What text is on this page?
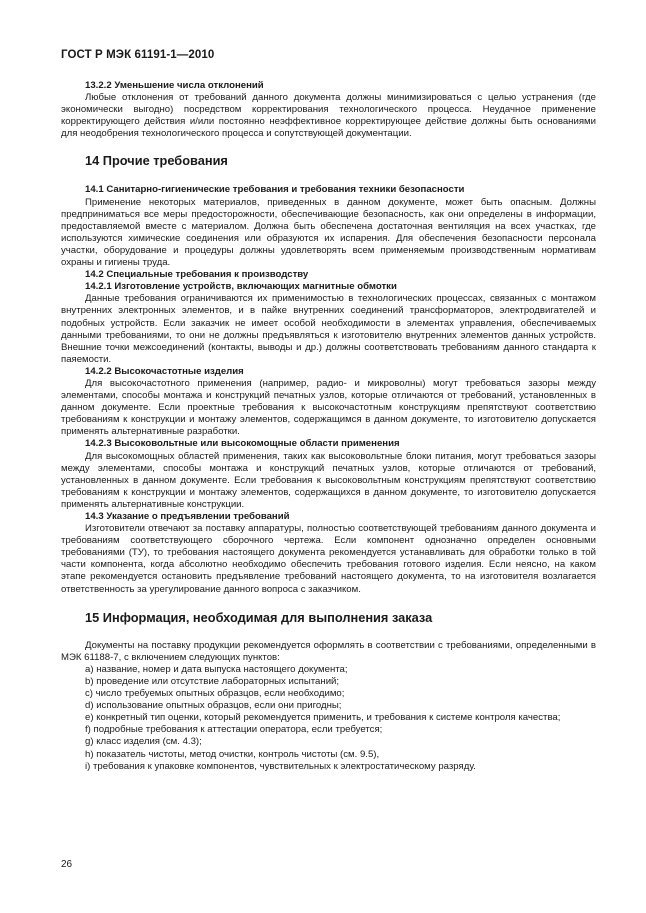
ГОСТ Р МЭК 61191-1—2010
13.2.2 Уменьшение числа отклонений

Любые отклонения от требований данного документа должны минимизироваться с целью устранения (где экономически выгодно) посредством корректирования технологического процесса. Неудачное применение корректирующего действия и/или постоянно неэффективное корректирующее действие должны быть основаниями для неодобрения технологического процесса и сопутствующей документации.

14 Прочие требования
14.1 Санитарно-гигиенические требования и требования техники безопасности

Применение некоторых материалов, приведенных в данном документе, может быть опасным. Должны предприниматься все меры предосторожности, обеспечивающие безопасность, как они определены в информации, предоставляемой вместе с материалом. Должна быть обеспечена достаточная вентиляция на всех участках, где используются химические соединения или образуются их испарения. Для обеспечения безопасности персонала участки, оборудование и процедуры должны удовлетворять всем применяемым производственным нормативам охраны и гигиены труда.

14.2 Специальные требования к производству
14.2.1 Изготовление устройств, включающих магнитные обмотки

Данные требования ограничиваются их применимостью в технологических процессах, связанных с монтажом внутренних электронных элементов, и в пайке внутренних соединений трансформаторов, электродвигателей и подобных устройств. Если заказчик не имеет особой необходимости в элементах управления, обеспечиваемых данными требованиями, то они не должны предъявляться к изготовителю внутренних элементов данных устройств. Внешние точки межсоединений (контакты, выводы и др.) должны соответствовать требованиям данного стандарта к паяемости.

14.2.2 Высокочастотные изделия

Для высокочастотного применения (например, радио- и микроволны) могут требоваться зазоры между элементами, способы монтажа и конструкций печатных узлов, которые отличаются от требований, установленных в данном документе. Если проектные требования к высокочастотным конструкциям препятствуют соответствию требованиям к конструкции и монтажу элементов, содержащимся в данном документе, то изготовителю допускается применять альтернативные разработки.

14.2.3 Высоковольтные или высокомощные области применения

Для высокомощных областей применения, таких как высоковольтные блоки питания, могут требоваться зазоры между элементами, способы монтажа и конструкций печатных узлов, которые отличаются от требований, установленных в данном документе. Если требования к высоковольтным конструкциям препятствуют соответствию требованиям к конструкции и монтажу элементов, содержащихся в данном документе, то изготовителю допускается применять альтернативные конструкции.

14.3 Указание о предъявлении требований

Изготовители отвечают за поставку аппаратуры, полностью соответствующей требованиям данного документа и требованиям соответствующего сборочного чертежа. Если компонент однозначно определен основными требованиями (ТУ), то требования настоящего документа рекомендуется устанавливать для обработки только в той части компонента, когда абсолютно необходимо обеспечить требования готового изделия. Если неясно, на каком этапе рекомендуется остановить предъявление требований настоящего документа, то на изготовителя возлагается ответственность за урегулирование данного вопроса с заказчиком.

15 Информация, необходимая для выполнения заказа

Документы на поставку продукции рекомендуется оформлять в соответствии с требованиями, определенными в МЭК 61188-7, с включением следующих пунктов:

a) название, номер и дата выпуска настоящего документа;
b) проведение или отсутствие лабораторных испытаний;
c) число требуемых опытных образцов, если необходимо;
d) использование опытных образцов, если они пригодны;

e) конкретный тип оценки, который рекомендуется применить, и требования к системе контроля качества;

f) подробные требования к аттестации оператора, если требуется;
g) класс изделия (см. 4.3);
h) показатель чистоты, метод очистки, контроль чистоты (см. 9.5),
i) требования к упаковке компонентов, чувствительных к электростатическому разряду.
26
